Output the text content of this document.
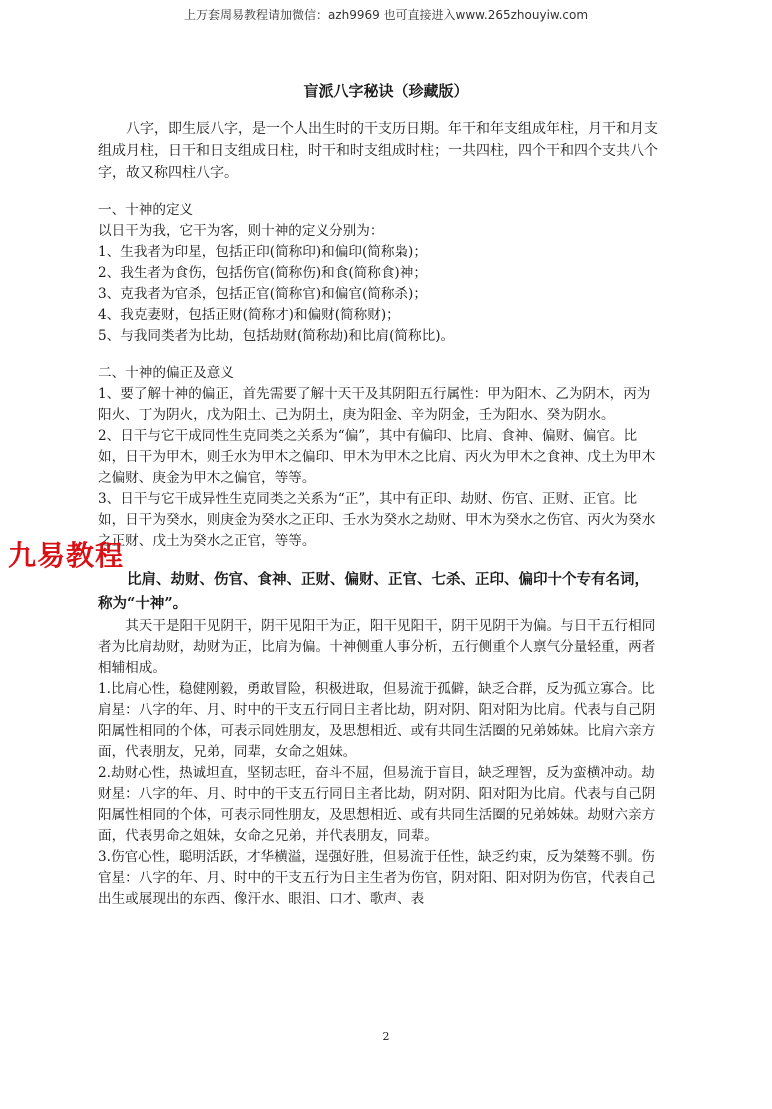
上万套周易教程请加微信：azh9969 也可直接进入www.265zhouyiw.com
盲派八字秘诀（珍藏版）

八字，即生辰八字，是一个人出生时的干支历日期。年干和年支组成年柱，月干和月支组成月柱，日干和日支组成日柱，时干和时支组成时柱；一共四柱，四个干和四个支共八个字，故又称四柱八字。

一、十神的定义

以日干为我，它干为客，则十神的定义分别为：

1、生我者为印星，包括正印(简称印)和偏印(简称枭)；

2、我生者为食伤，包括伤官(简称伤)和食(简称食)神；

3、克我者为官杀，包括正官(简称官)和偏官(简称杀)；

4、我克妻财，包括正财(简称才)和偏财(简称财)；

5、与我同类者为比劫，包括劫财(简称劫)和比肩(简称比)。

二、十神的偏正及意义

1、要了解十神的偏正，首先需要了解十天干及其阴阳五行属性：甲为阳木、乙为阴木，丙为阳火、丁为阴火，戊为阳土、己为阴土，庚为阳金、辛为阴金，壬为阳水、癸为阴水。

2、日干与它干成同性生克同类之关系为“偏”，其中有偏印、比肩、食神、偏财、偏官。比如，日干为甲木，则壬水为甲木之偏印、甲木为甲木之比肩、丙火为甲木之食神、戊土为甲木之偏财、庚金为甲木之偏官，等等。

3、日干与它干成异性生克同类之关系为“正”，其中有正印、劫财、伤官、正财、正官。比如，日干为癸水，则庚金为癸水之正印、壬水为癸水之劫财、甲木为癸水之伤官、丙火为癸水之正财、戊土为癸水之正官，等等。

比肩、劫财、伤官、食神、正财、偏财、正官、七杀、正印、偏印十个专有名词，称为“十神”。

其天干是阳干见阴干，阴干见阳干为正，阳干见阳干，阴干见阴干为偏。与日干五行相同者为比肩劫财，劫财为正，比肩为偏。十神侧重人事分析，五行侧重个人禀气分量轻重，两者相辅相成。

1.比肩心性，稳健刚毅，勇敢冒险，积极进取，但易流于孤僻，缺乏合群，反为孤立寡合。比肩星：八字的年、月、时中的干支五行同日主者比劫，阴对阴、阳对阳为比肩。代表与自己阴阳属性相同的个体，可表示同姓朋友，及思想相近、或有共同生活圈的兄弟姊妹。比肩六亲方面，代表朋友，兄弟，同辈，女命之姐妹。

2.劫财心性，热诚坦直，坚韧志旺，奋斗不屈，但易流于盲目，缺乏理智，反为蛮横冲动。劫财星：八字的年、月、时中的干支五行同日主者比劫，阴对阴、阳对阳为比肩。代表与自己阴阳属性相同的个体，可表示同性朋友，及思想相近、或有共同生活圈的兄弟姊妹。劫财六亲方面，代表男命之姐妹，女命之兄弟，并代表朋友，同辈。

3.伤官心性，聪明活跃，才华横溢，逞强好胜，但易流于任性，缺乏约束，反为桀骜不驯。伤官星：八字的年、月、时中的干支五行为日主生者为伤官，阴对阳、阳对阴为伤官，代表自己出生或展现出的东西、像汗水、眼泪、口才、歌声、表

九易教程
2
